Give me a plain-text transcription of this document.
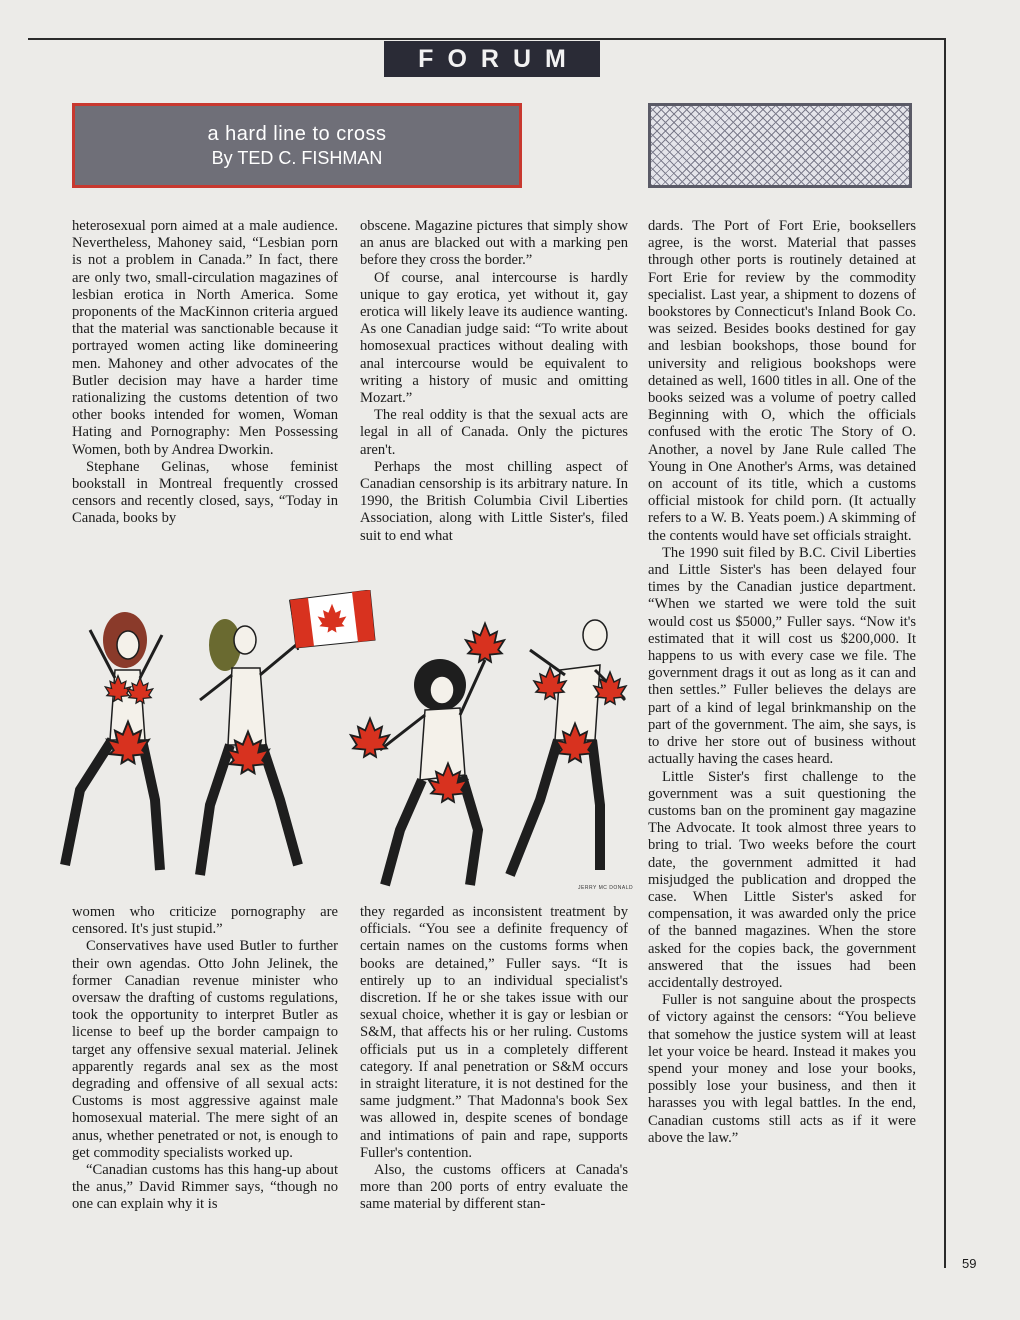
FORUM
a hard line to cross
By TED C. FISHMAN

heterosexual porn aimed at a male audience. Nevertheless, Mahoney said, “Lesbian porn is not a problem in Canada.” In fact, there are only two, small-circulation magazines of lesbian erotica in North America. Some proponents of the MacKinnon criteria argued that the material was sanctionable because it portrayed women acting like domineering men. Mahoney and other advocates of the Butler decision may have a harder time rationalizing the customs detention of two other books intended for women, Woman Hating and Pornography: Men Possessing Women, both by Andrea Dworkin.

Stephane Gelinas, whose feminist bookstall in Montreal frequently crossed censors and recently closed, says, “Today in Canada, books by

obscene. Magazine pictures that simply show an anus are blacked out with a marking pen before they cross the border.”

Of course, anal intercourse is hardly unique to gay erotica, yet without it, gay erotica will likely leave its audience wanting. As one Canadian judge said: “To write about homosexual practices without dealing with anal intercourse would be equivalent to writing a history of music and omitting Mozart.”

The real oddity is that the sexual acts are legal in all of Canada. Only the pictures aren't.

Perhaps the most chilling aspect of Canadian censorship is its arbitrary nature. In 1990, the British Columbia Civil Liberties Association, along with Little Sister's, filed suit to end what

dards. The Port of Fort Erie, booksellers agree, is the worst. Material that passes through other ports is routinely detained at Fort Erie for review by the commodity specialist. Last year, a shipment to dozens of bookstores by Connecticut's Inland Book Co. was seized. Besides books destined for gay and lesbian bookshops, those bound for university and religious bookshops were detained as well, 1600 titles in all. One of the books seized was a volume of poetry called Beginning with O, which the officials confused with the erotic The Story of O. Another, a novel by Jane Rule called The Young in One Another's Arms, was detained on account of its title, which a customs official mistook for child porn. (It actually refers to a W. B. Yeats poem.) A skimming of the contents would have set officials straight.

The 1990 suit filed by B.C. Civil Liberties and Little Sister's has been delayed four times by the Canadian justice department. “When we started we were told the suit would cost us $5000,” Fuller says. “Now it's estimated that it will cost us $200,000. It happens to us with every case we file. The government drags it out as long as it can and then settles.” Fuller believes the delays are part of a kind of legal brinkmanship on the part of the government. The aim, she says, is to drive her store out of business without actually having the cases heard.

Little Sister's first challenge to the government was a suit questioning the customs ban on the prominent gay magazine The Advocate. It took almost three years to bring to trial. Two weeks before the court date, the government admitted it had misjudged the publication and dropped the case. When Little Sister's asked for compensation, it was awarded only the price of the banned magazines. When the store asked for the copies back, the government answered that the issues had been accidentally destroyed.

Fuller is not sanguine about the prospects of victory against the censors: “You believe that somehow the justice system will at least let your voice be heard. Instead it makes you spend your money and lose your books, possibly lose your business, and then it harasses you with legal battles. In the end, Canadian customs still acts as if it were above the law.”

JERRY MC DONALD

women who criticize pornography are censored. It's just stupid.”

Conservatives have used Butler to further their own agendas. Otto John Jelinek, the former Canadian revenue minister who oversaw the drafting of customs regulations, took the opportunity to interpret Butler as license to beef up the border campaign to target any offensive sexual material. Jelinek apparently regards anal sex as the most degrading and offensive of all sexual acts: Customs is most aggressive against male homosexual material. The mere sight of an anus, whether penetrated or not, is enough to get commodity specialists worked up.

“Canadian customs has this hang-up about the anus,” David Rimmer says, “though no one can explain why it is

they regarded as inconsistent treatment by officials. “You see a definite frequency of certain names on the customs forms when books are detained,” Fuller says. “It is entirely up to an individual specialist's discretion. If he or she takes issue with our sexual choice, whether it is gay or lesbian or S&M, that affects his or her ruling. Customs officials put us in a completely different category. If anal penetration or S&M occurs in straight literature, it is not destined for the same judgment.” That Madonna's book Sex was allowed in, despite scenes of bondage and intimations of pain and rape, supports Fuller's contention.

Also, the customs officers at Canada's more than 200 ports of entry evaluate the same material by different stan-

59
